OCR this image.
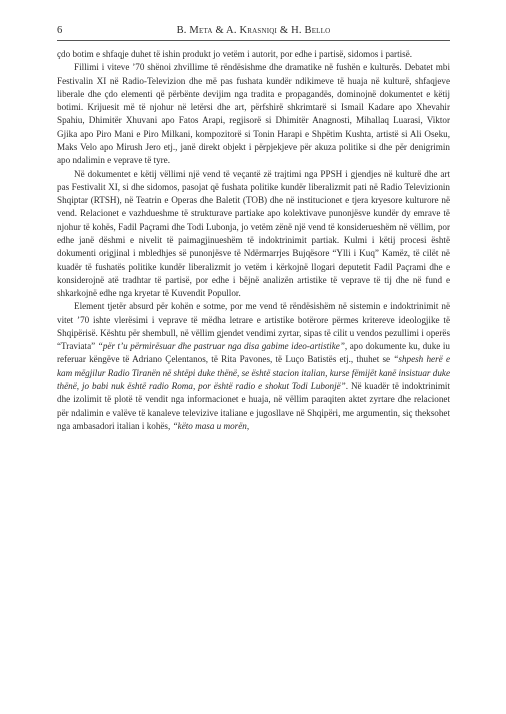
6	B. Meta & A. Krasniqi & H. Bello

çdo botim e shfaqje duhet të ishin produkt jo vetëm i autorit, por edhe i partisë, sidomos i partisë.

Fillimi i viteve ’70 shënoi zhvillime të rëndësishme dhe dramatike në fushën e kulturës. Debatet mbi Festivalin XI në Radio-Televizion dhe më pas fushata kundër ndikimeve të huaja në kulturë, shfaqjeve liberale dhe çdo elementi që përbënte devijim nga tradita e propagandës, dominojnë dokumentet e këtij botimi. Krijuesit më të njohur në letërsi dhe art, përfshirë shkrimtarë si Ismail Kadare apo Xhevahir Spahiu, Dhimitër Xhuvani apo Fatos Arapi, regjisorë si Dhimitër Anagnosti, Mihallaq Luarasi, Viktor Gjika apo Piro Mani e Piro Milkani, kompozitorë si Tonin Harapi e Shpëtim Kushta, artistë si Ali Oseku, Maks Velo apo Mirush Jero etj., janë direkt objekt i përpjekjeve për akuza politike si dhe për denigrimin apo ndalimin e veprave të tyre.

Në dokumentet e këtij vëllimi një vend të veçantë zë trajtimi nga PPSH i gjendjes në kulturë dhe art pas Festivalit XI, si dhe sidomos, pasojat që fushata politike kundër liberalizmit pati në Radio Televizionin Shqiptar (RTSH), në Teatrin e Operas dhe Baletit (TOB) dhe në institucionet e tjera kryesore kulturore në vend. Relacionet e vazhdueshme të strukturave partiake apo kolektivave punonjësve kundër dy emrave të njohur të kohës, Fadil Paçrami dhe Todi Lubonja, jo vetëm zënë një vend të konsiderueshëm në vëllim, por edhe janë dëshmi e nivelit të paimagjinueshëm të indoktrinimit partiak. Kulmi i këtij procesi është dokumenti origjinal i mbledhjes së punonjësve të Ndërmarrjes Bujqësore “Ylli i Kuq” Kamëz, të cilët në kuadër të fushatës politike kundër liberalizmit jo vetëm i kërkojnë llogari deputetit Fadil Paçrami dhe e konsiderojnë atë tradhtar të partisë, por edhe i bëjnë analizën artistike të veprave të tij dhe në fund e shkarkojnë edhe nga kryetar të Kuvendit Popullor.

Element tjetër absurd për kohën e sotme, por me vend të rëndësishëm në sistemin e indoktrinimit në vitet ’70 ishte vlerësimi i veprave të mëdha letrare e artistike botërore përmes kritereve ideologjike të Shqipërisë. Kështu për shembull, në vëllim gjendet vendimi zyrtar, sipas të cilit u vendos pezullimi i operës “Traviata” “për t’u përmirësuar dhe pastruar nga disa gabime ideo-artistike”, apo dokumente ku, duke iu referuar këngëve të Adriano Çelentanos, të Rita Pavones, të Luço Batistës etj., thuhet se “shpesh herë e kam mëgjilur Radio Tiranën në shtëpi duke thënë, se është stacion italian, kurse fëmijët kanë insistuar duke thënë, jo babi nuk është radio Roma, por është radio e shokut Todi Lubonjë”. Në kuadër të indoktrinimit dhe izolimit të plotë të vendit nga informacionet e huaja, në vëllim paraqiten aktet zyrtare dhe relacionet për ndalimin e valëve të kanaleve televizive italiane e jugosllave në Shqipëri, me argumentin, siç theksohet nga ambasadori italian i kohës, “këto masa u morën,
